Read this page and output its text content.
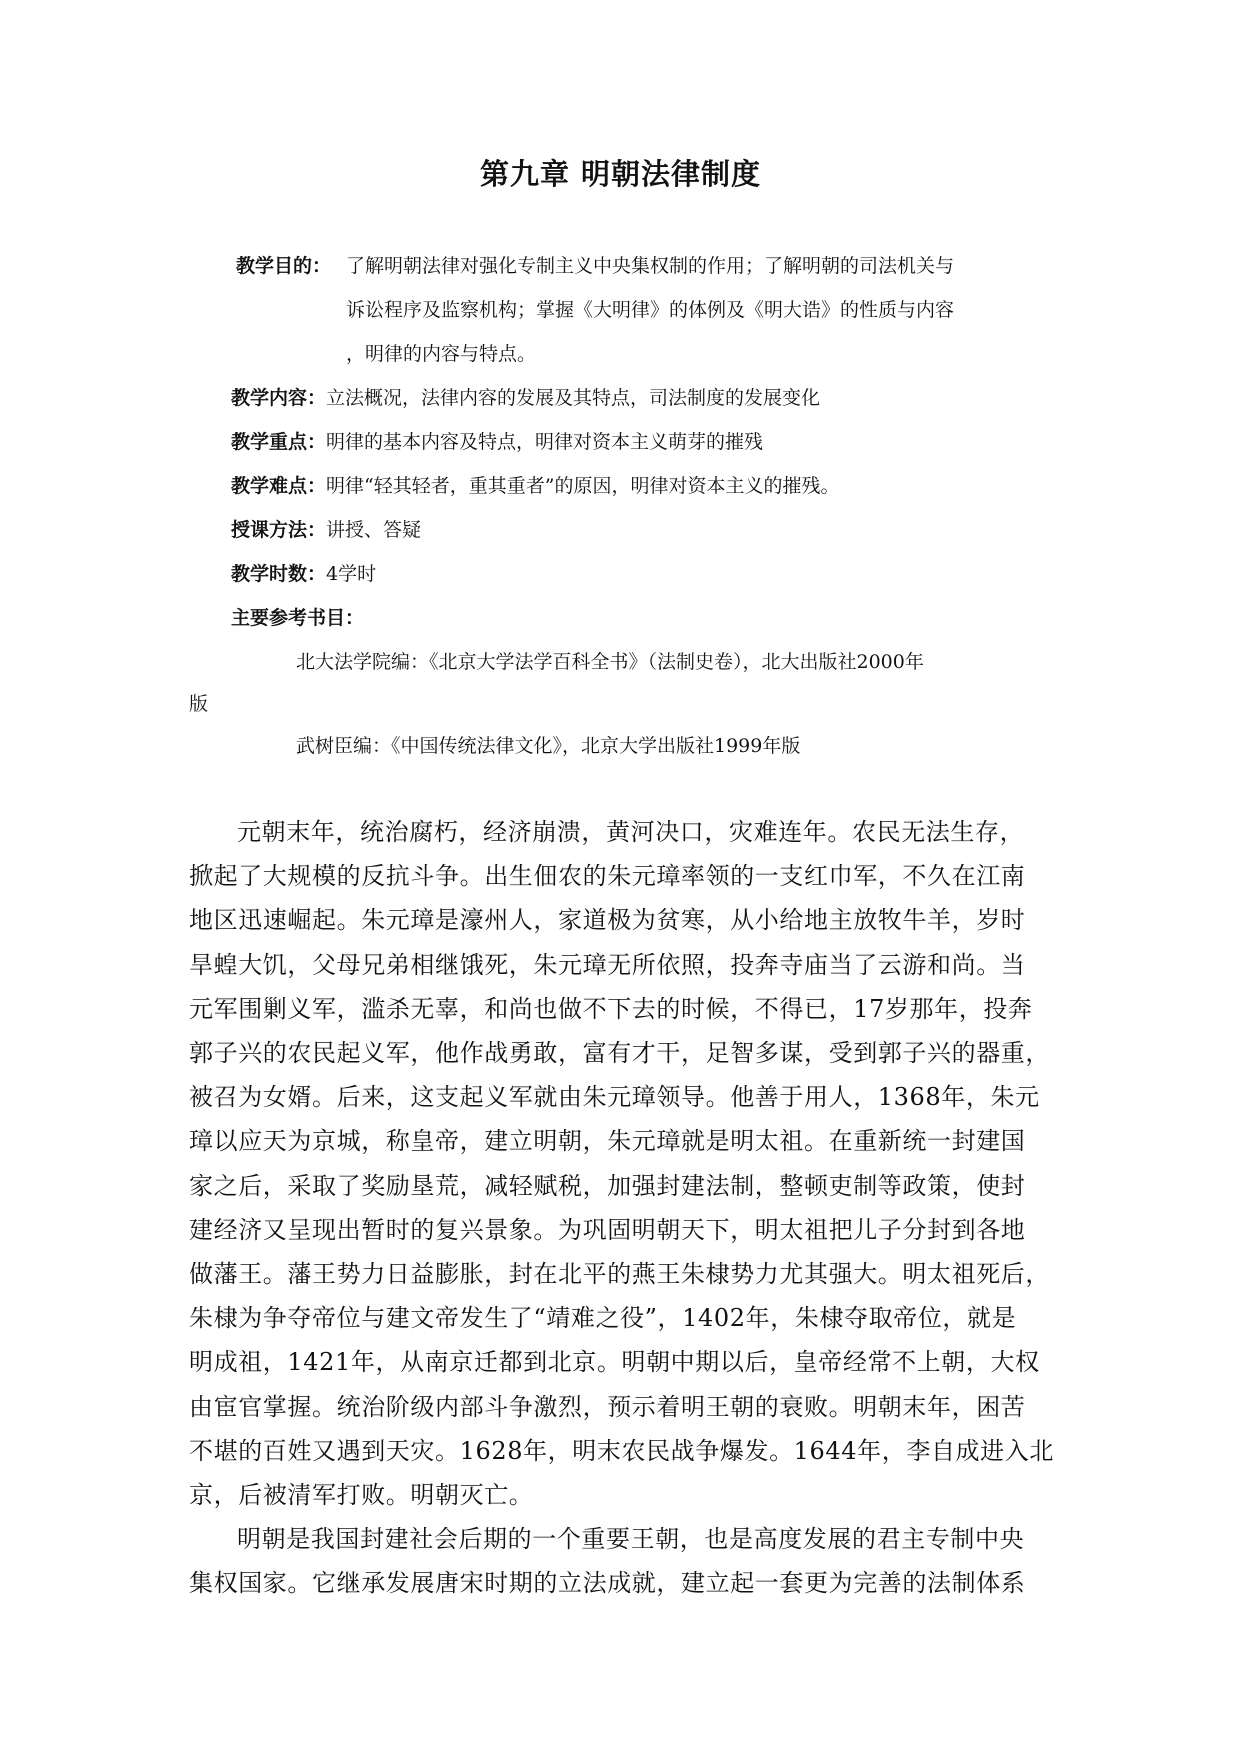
第九章 明朝法律制度
教学目的： 了解明朝法律对强化专制主义中央集权制的作用；了解明朝的司法机关与
诉讼程序及监察机构；掌握《大明律》的体例及《明大诰》的性质与内容
，明律的内容与特点。
教学内容：立法概况，法律内容的发展及其特点，司法制度的发展变化
教学重点：明律的基本内容及特点，明律对资本主义萌芽的摧残
教学难点：明律“轻其轻者，重其重者”的原因，明律对资本主义的摧残。
授课方法：讲授、答疑
教学时数：4学时
主要参考书目：
北大法学院编：《北京大学法学百科全书》（法制史卷），北大出版社2000年
版
武树臣编：《中国传统法律文化》，北京大学出版社1999年版
元朝末年，统治腐朽，经济崩溃，黄河决口，灾难连年。农民无法生存，
掀起了大规模的反抗斗争。出生佃农的朱元璋率领的一支红巾军，不久在江南
地区迅速崛起。朱元璋是濠州人，家道极为贫寒，从小给地主放牧牛羊，岁时
旱蝗大饥，父母兄弟相继饿死，朱元璋无所依照，投奔寺庙当了云游和尚。当
元军围剿义军，滥杀无辜，和尚也做不下去的时候，不得已，17岁那年，投奔
郭子兴的农民起义军，他作战勇敢，富有才干，足智多谋，受到郭子兴的器重，
被召为女婿。后来，这支起义军就由朱元璋领导。他善于用人，1368年，朱元
璋以应天为京城，称皇帝，建立明朝，朱元璋就是明太祖。在重新统一封建国
家之后，采取了奖励垦荒，减轻赋税，加强封建法制，整顿吏制等政策，使封
建经济又呈现出暂时的复兴景象。为巩固明朝天下，明太祖把儿子分封到各地
做藩王。藩王势力日益膨胀，封在北平的燕王朱棣势力尤其强大。明太祖死后，
朱棣为争夺帝位与建文帝发生了“靖难之役”，1402年，朱棣夺取帝位，就是
明成祖，1421年，从南京迁都到北京。明朝中期以后，皇帝经常不上朝，大权
由宦官掌握。统治阶级内部斗争激烈，预示着明王朝的衰败。明朝末年，困苦
不堪的百姓又遇到天灾。1628年，明末农民战争爆发。1644年，李自成进入北
京，后被清军打败。明朝灭亡。
明朝是我国封建社会后期的一个重要王朝，也是高度发展的君主专制中央
集权国家。它继承发展唐宋时期的立法成就，建立起一套更为完善的法制体系
